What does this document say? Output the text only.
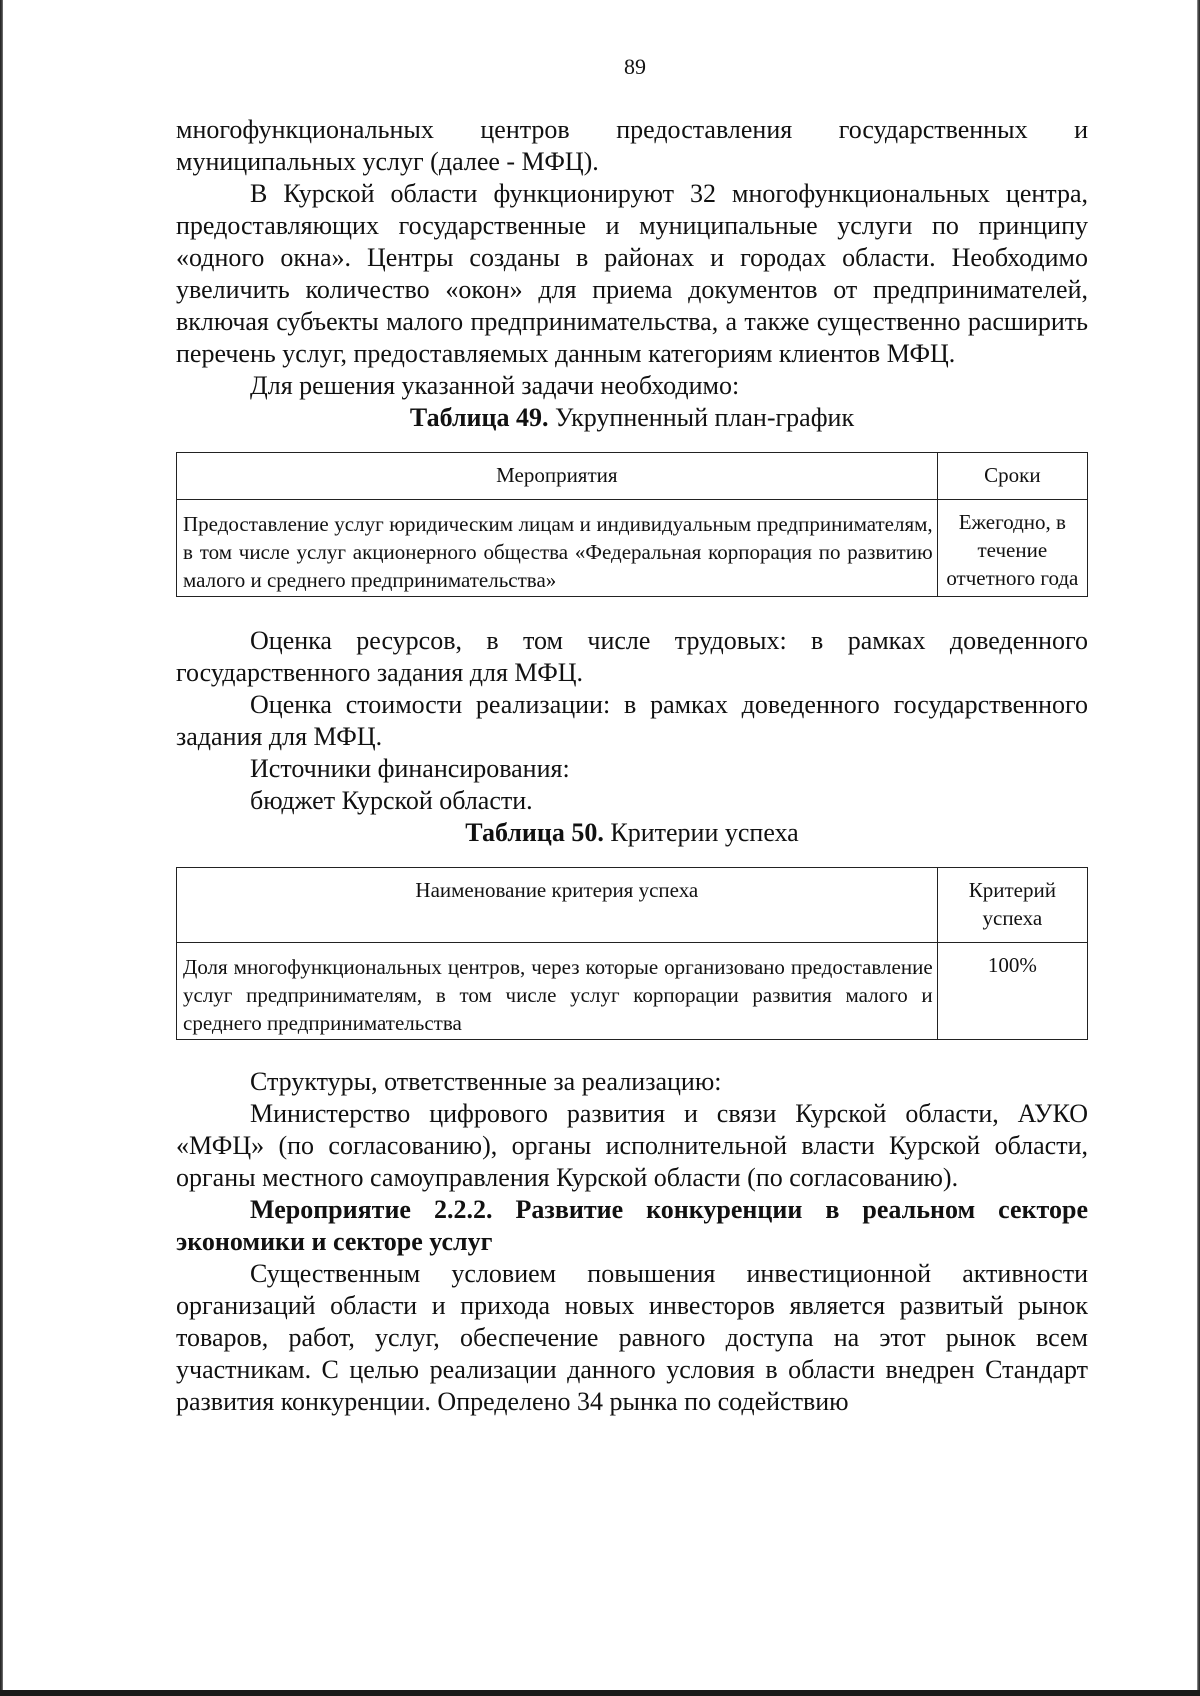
89

многофункциональных центров предоставления государственных и муниципальных услуг (далее - МФЦ).

В Курской области функционируют 32 многофункциональных центра, предоставляющих государственные и муниципальные услуги по принципу «одного окна». Центры созданы в районах и городах области. Необходимо увеличить количество «окон» для приема документов от предпринимателей, включая субъекты малого предпринимательства, а также существенно расширить перечень услуг, предоставляемых данным категориям клиентов МФЦ.

Для решения указанной задачи необходимо:

Таблица 49. Укрупненный план-график

Мероприятия	Сроки
Предоставление услуг юридическим лицам и индивидуальным предпринимателям, в том числе услуг акционерного общества «Федеральная корпорация по развитию малого и среднего предпринимательства»	Ежегодно, в течение отчетного года

Оценка ресурсов, в том числе трудовых: в рамках доведенного государственного задания для МФЦ.

Оценка стоимости реализации: в рамках доведенного государственного задания для МФЦ.

Источники финансирования:

бюджет Курской области.

Таблица 50. Критерии успеха

Наименование критерия успеха	Критерий успеха
Доля многофункциональных центров, через которые организовано предоставление услуг предпринимателям, в том числе услуг корпорации развития малого и среднего предпринимательства	100%

Структуры, ответственные за реализацию:

Министерство цифрового развития и связи Курской области, АУКО «МФЦ» (по согласованию), органы исполнительной власти Курской области, органы местного самоуправления Курской области (по согласованию).

Мероприятие 2.2.2. Развитие конкуренции в реальном секторе экономики и секторе услуг

Существенным условием повышения инвестиционной активности организаций области и прихода новых инвесторов является развитый рынок товаров, работ, услуг, обеспечение равного доступа на этот рынок всем участникам. С целью реализации данного условия в области внедрен Стандарт развития конкуренции. Определено 34 рынка по содействию
